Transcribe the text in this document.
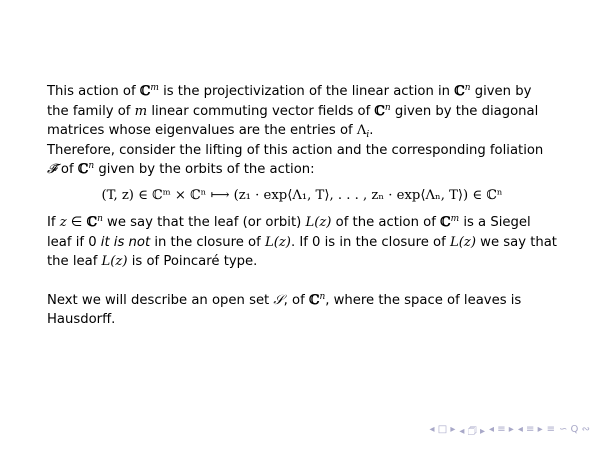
This action of ℂ$^m$ is the projectivization of the linear action in ℂ$^n$ given by the family of m linear commuting vector fields of ℂ$^n$ given by the diagonal matrices whose eigenvalues are the entries of $\Lambda_i$.

Therefore, consider the lifting of this action and the corresponding foliation 𝓕̃ of ℂ$^n$ given by the orbits of the action:

(T, z) ∈ ℂᵐ × ℂⁿ ⟼ (z₁ · exp⟨Λ₁, T⟩, . . . , zₙ · exp⟨Λₙ, T⟩) ∈ ℂⁿ

If z ∈ ℂ$^n$ we say that the leaf (or orbit) L(z) of the action of ℂ$^m$ is a Siegel leaf if 0 it is not in the closure of L(z). If 0 is in the closure of L(z) we say that the leaf L(z) is of Poincaré type.

Next we will describe an open set 𝒮, of ℂ$^n$, where the space of leaves is Hausdorff.

◂ □ ▸ ◂ 🗇 ▸ ◂ ≡ ▸ ◂ ≡ ▸ ≡ ∽ Q ∾
